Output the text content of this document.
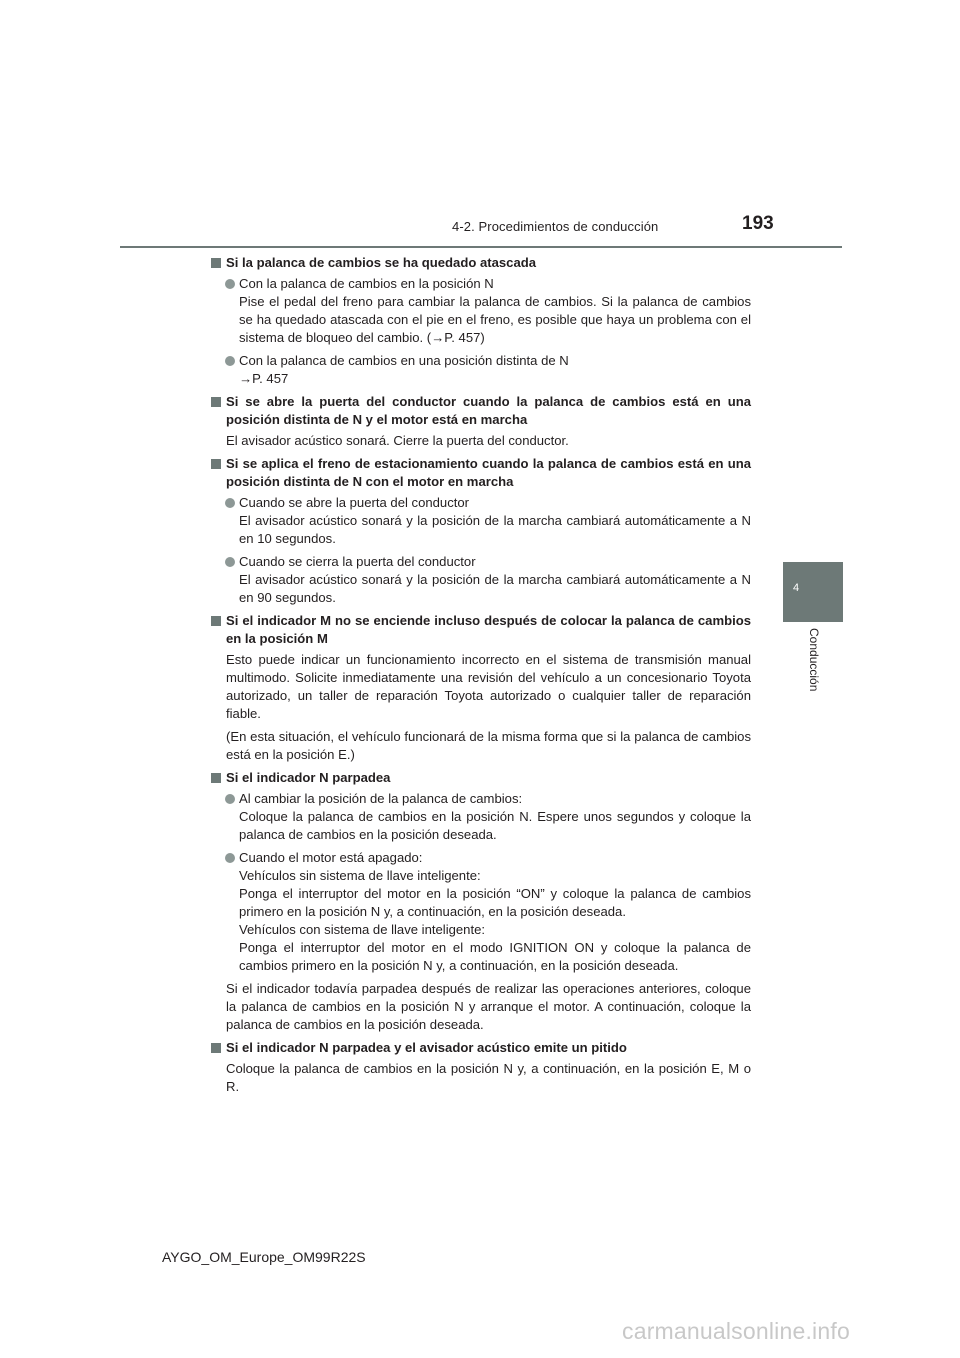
4-2. Procedimientos de conducción	193
4
Conducción
Si la palanca de cambios se ha quedado atascada
Con la palanca de cambios en la posición N
Pise el pedal del freno para cambiar la palanca de cambios. Si la palanca de cambios se ha quedado atascada con el pie en el freno, es posible que haya un problema con el sistema de bloqueo del cambio. (→P. 457)
Con la palanca de cambios en una posición distinta de N
→P. 457
Si se abre la puerta del conductor cuando la palanca de cambios está en una posición distinta de N y el motor está en marcha
El avisador acústico sonará. Cierre la puerta del conductor.
Si se aplica el freno de estacionamiento cuando la palanca de cambios está en una posición distinta de N con el motor en marcha
Cuando se abre la puerta del conductor
El avisador acústico sonará y la posición de la marcha cambiará automáticamente a N en 10 segundos.
Cuando se cierra la puerta del conductor
El avisador acústico sonará y la posición de la marcha cambiará automáticamente a N en 90 segundos.
Si el indicador M no se enciende incluso después de colocar la palanca de cambios en la posición M
Esto puede indicar un funcionamiento incorrecto en el sistema de transmisión manual multimodo. Solicite inmediatamente una revisión del vehículo a un concesionario Toyota autorizado, un taller de reparación Toyota autorizado o cualquier taller de reparación fiable.
(En esta situación, el vehículo funcionará de la misma forma que si la palanca de cambios está en la posición E.)
Si el indicador N parpadea
Al cambiar la posición de la palanca de cambios:
Coloque la palanca de cambios en la posición N. Espere unos segundos y coloque la palanca de cambios en la posición deseada.
Cuando el motor está apagado:
Vehículos sin sistema de llave inteligente:
Ponga el interruptor del motor en la posición “ON” y coloque la palanca de cambios primero en la posición N y, a continuación, en la posición deseada.
Vehículos con sistema de llave inteligente:
Ponga el interruptor del motor en el modo IGNITION ON y coloque la palanca de cambios primero en la posición N y, a continuación, en la posición deseada.
Si el indicador todavía parpadea después de realizar las operaciones anteriores, coloque la palanca de cambios en la posición N y arranque el motor. A continuación, coloque la palanca de cambios en la posición deseada.
Si el indicador N parpadea y el avisador acústico emite un pitido
Coloque la palanca de cambios en la posición N y, a continuación, en la posición E, M o R.
AYGO_OM_Europe_OM99R22S
carmanualsonline.info
